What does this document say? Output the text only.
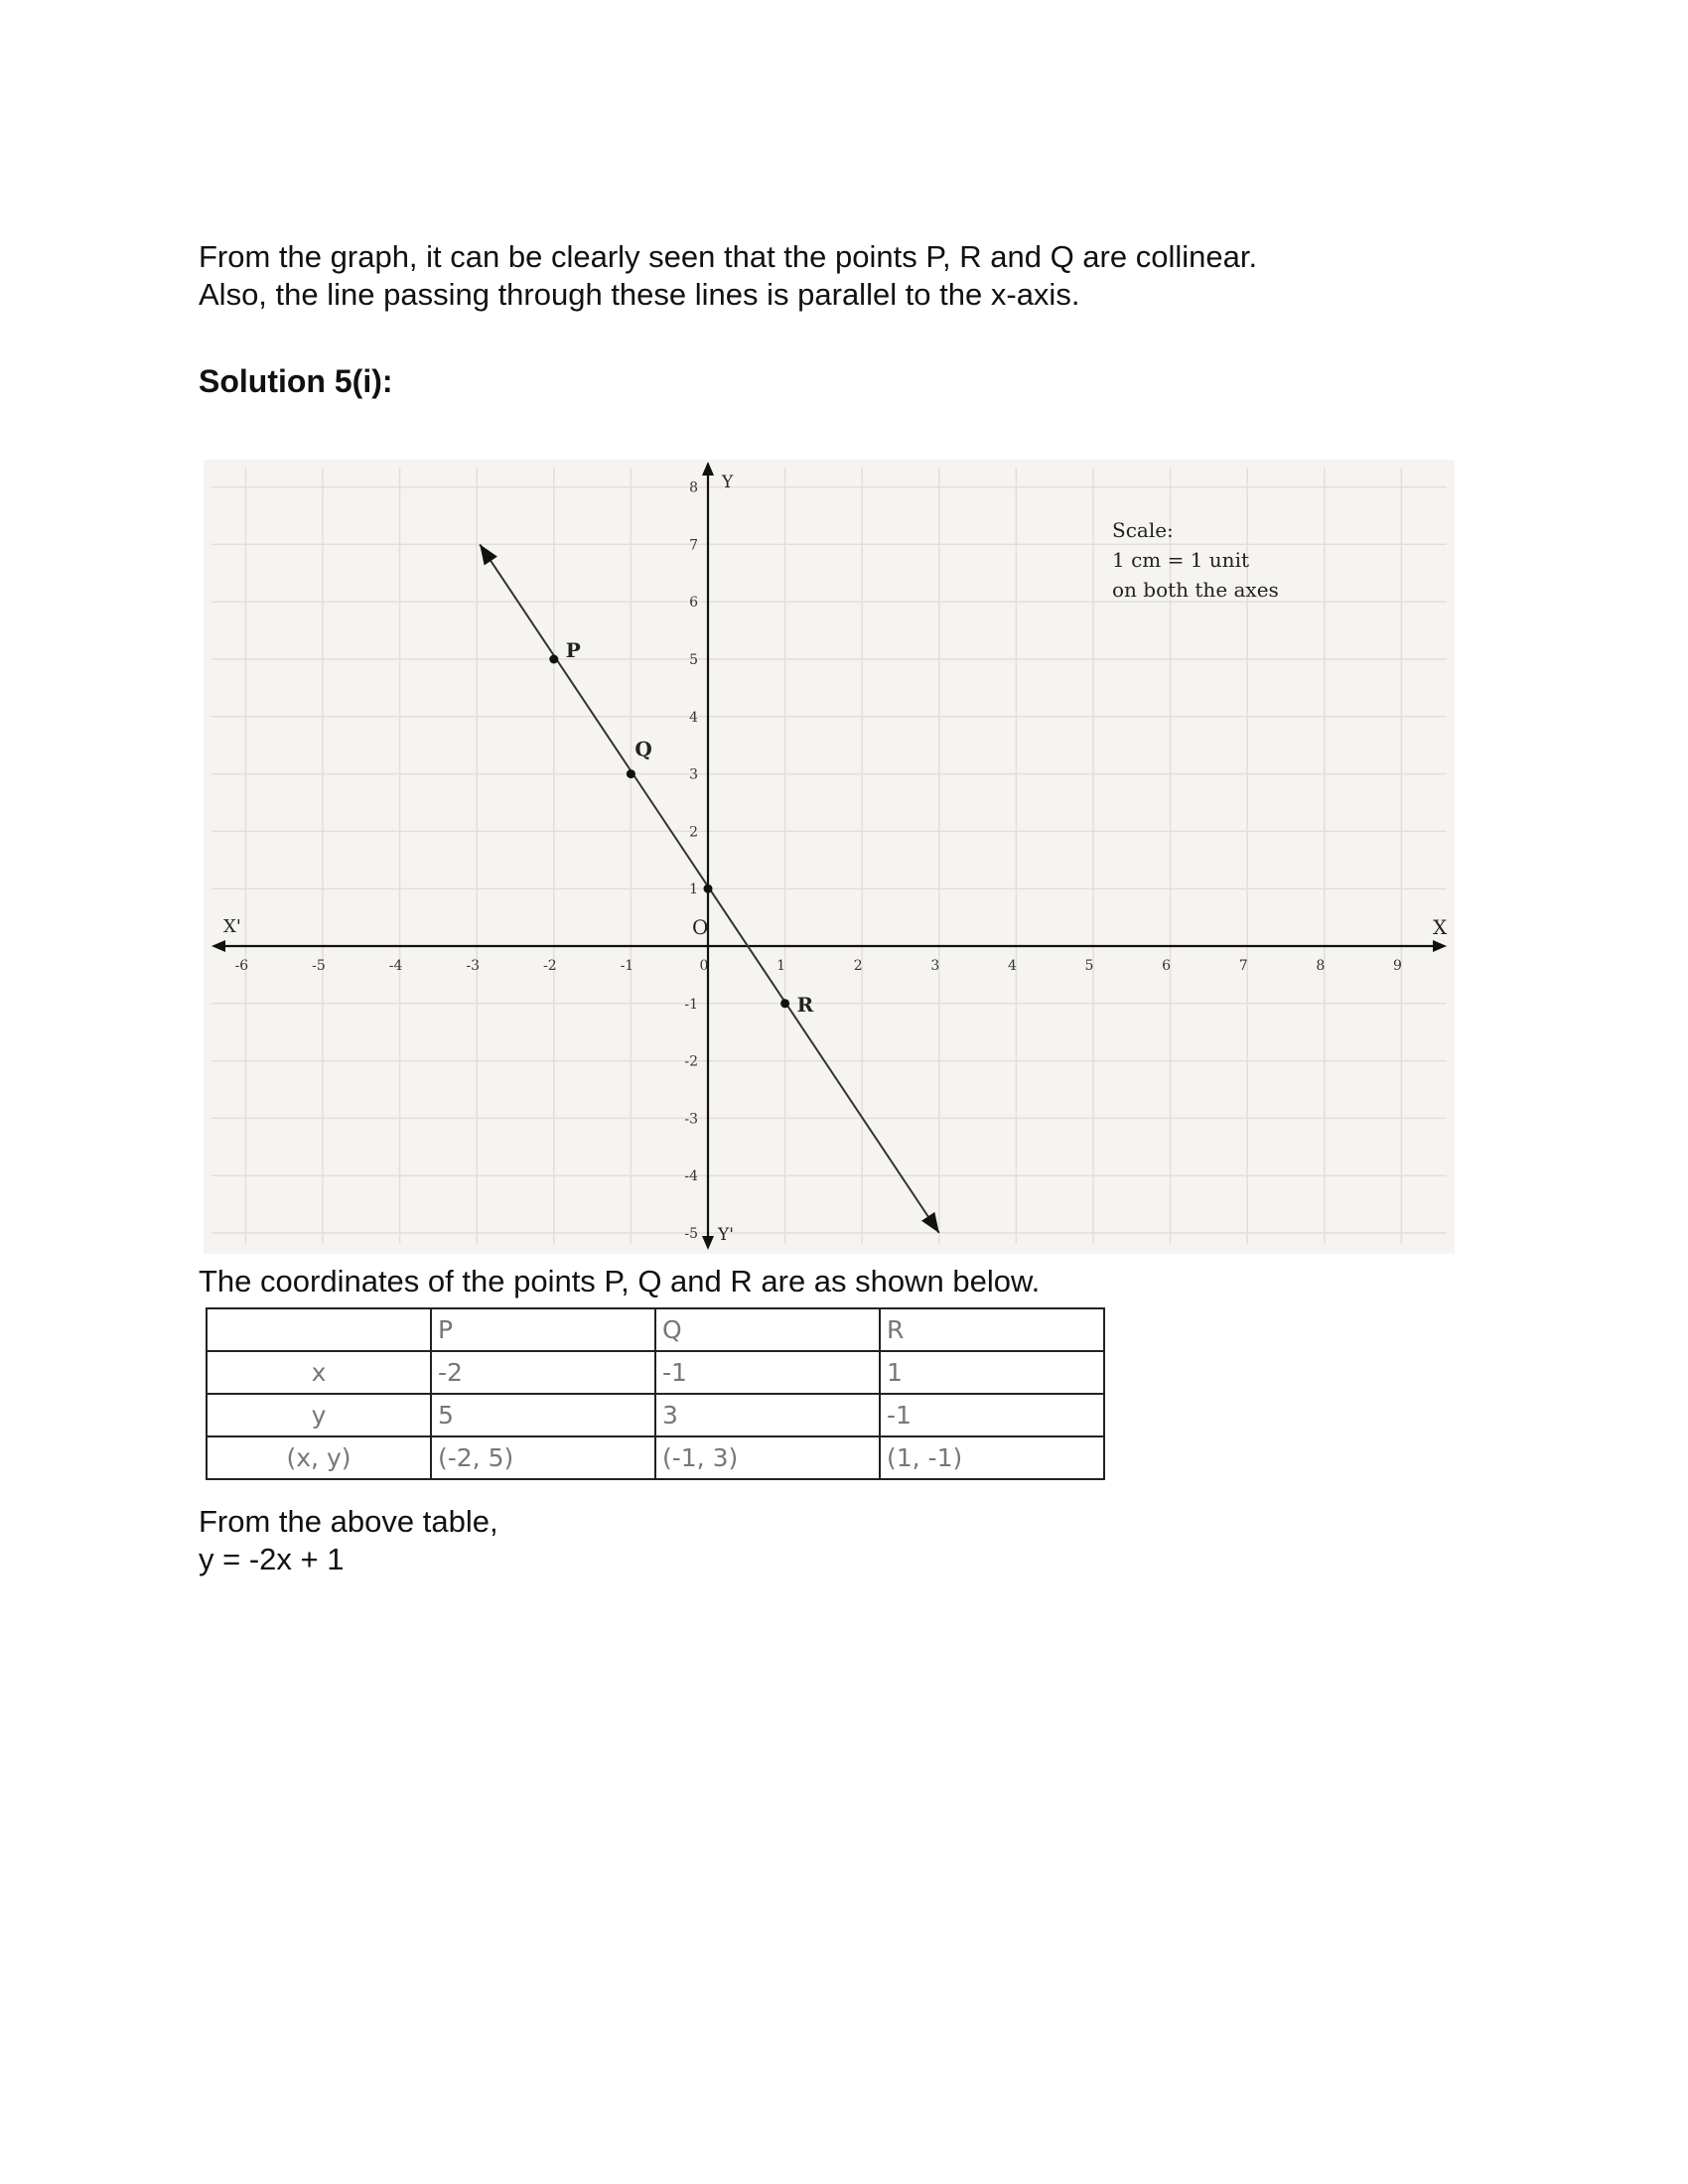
From the graph, it can be clearly seen that the points P, R and Q are collinear.
Also, the line passing through these lines is parallel to the x-axis.
Solution 5(i):
X
X'
Y
Y'
O
-6	-5	-4	-3	-2	-1	0	1	2	3	4	5	6	7	8	9
8
7
6
5
4
3
2
1
-1
-2
-3
-4
-5
P
Q
R
Scale:
1 cm = 1 unit
on both the axes
The coordinates of the points P, Q and R are as shown below.
	P	Q	R
x	-2	-1	1
y	5	3	-1
(x, y)	(-2, 5)	(-1, 3)	(1, -1)
From the above table,
y = -2x + 1
